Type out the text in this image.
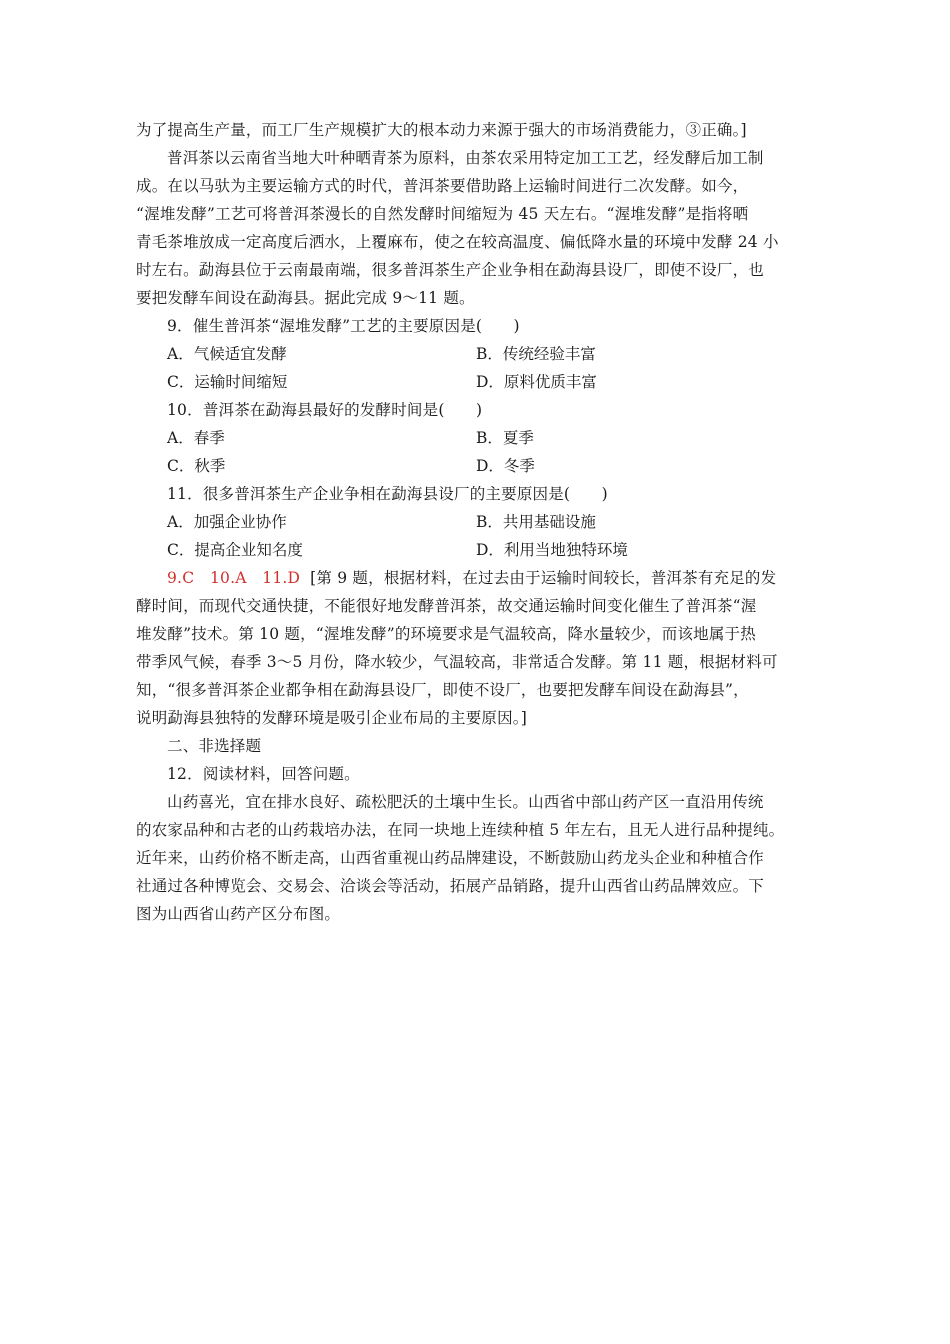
为了提高生产量，而工厂生产规模扩大的根本动力来源于强大的市场消费能力，③正确。]
普洱茶以云南省当地大叶种晒青茶为原料，由茶农采用特定加工工艺，经发酵后加工制
成。在以马驮为主要运输方式的时代，普洱茶要借助路上运输时间进行二次发酵。如今，
“渥堆发酵”工艺可将普洱茶漫长的自然发酵时间缩短为 45 天左右。“渥堆发酵”是指将晒
青毛茶堆放成一定高度后洒水，上覆麻布，使之在较高温度、偏低降水量的环境中发酵 24 小
时左右。勐海县位于云南最南端，很多普洱茶生产企业争相在勐海县设厂，即使不设厂，也
要把发酵车间设在勐海县。据此完成 9～11 题。
9．催生普洱茶“渥堆发酵”工艺的主要原因是(　　)
A．气候适宜发酵	B．传统经验丰富
C．运输时间缩短	D．原料优质丰富
10．普洱茶在勐海县最好的发酵时间是(　　)
A．春季	B．夏季
C．秋季	D．冬季
11．很多普洱茶生产企业争相在勐海县设厂的主要原因是(　　)
A．加强企业协作	B．共用基础设施
C．提高企业知名度	D．利用当地独特环境
9.C　10.A　11.D [第 9 题，根据材料，在过去由于运输时间较长，普洱茶有充足的发
酵时间，而现代交通快捷，不能很好地发酵普洱茶，故交通运输时间变化催生了普洱茶“渥
堆发酵”技术。第 10 题，“渥堆发酵”的环境要求是气温较高，降水量较少，而该地属于热
带季风气候，春季 3～5 月份，降水较少，气温较高，非常适合发酵。第 11 题，根据材料可
知，“很多普洱茶企业都争相在勐海县设厂，即使不设厂，也要把发酵车间设在勐海县”，
说明勐海县独特的发酵环境是吸引企业布局的主要原因。]
二、非选择题
12．阅读材料，回答问题。
山药喜光，宜在排水良好、疏松肥沃的土壤中生长。山西省中部山药产区一直沿用传统
的农家品种和古老的山药栽培办法，在同一块地上连续种植 5 年左右，且无人进行品种提纯。
近年来，山药价格不断走高，山西省重视山药品牌建设，不断鼓励山药龙头企业和种植合作
社通过各种博览会、交易会、洽谈会等活动，拓展产品销路，提升山西省山药品牌效应。下
图为山西省山药产区分布图。
